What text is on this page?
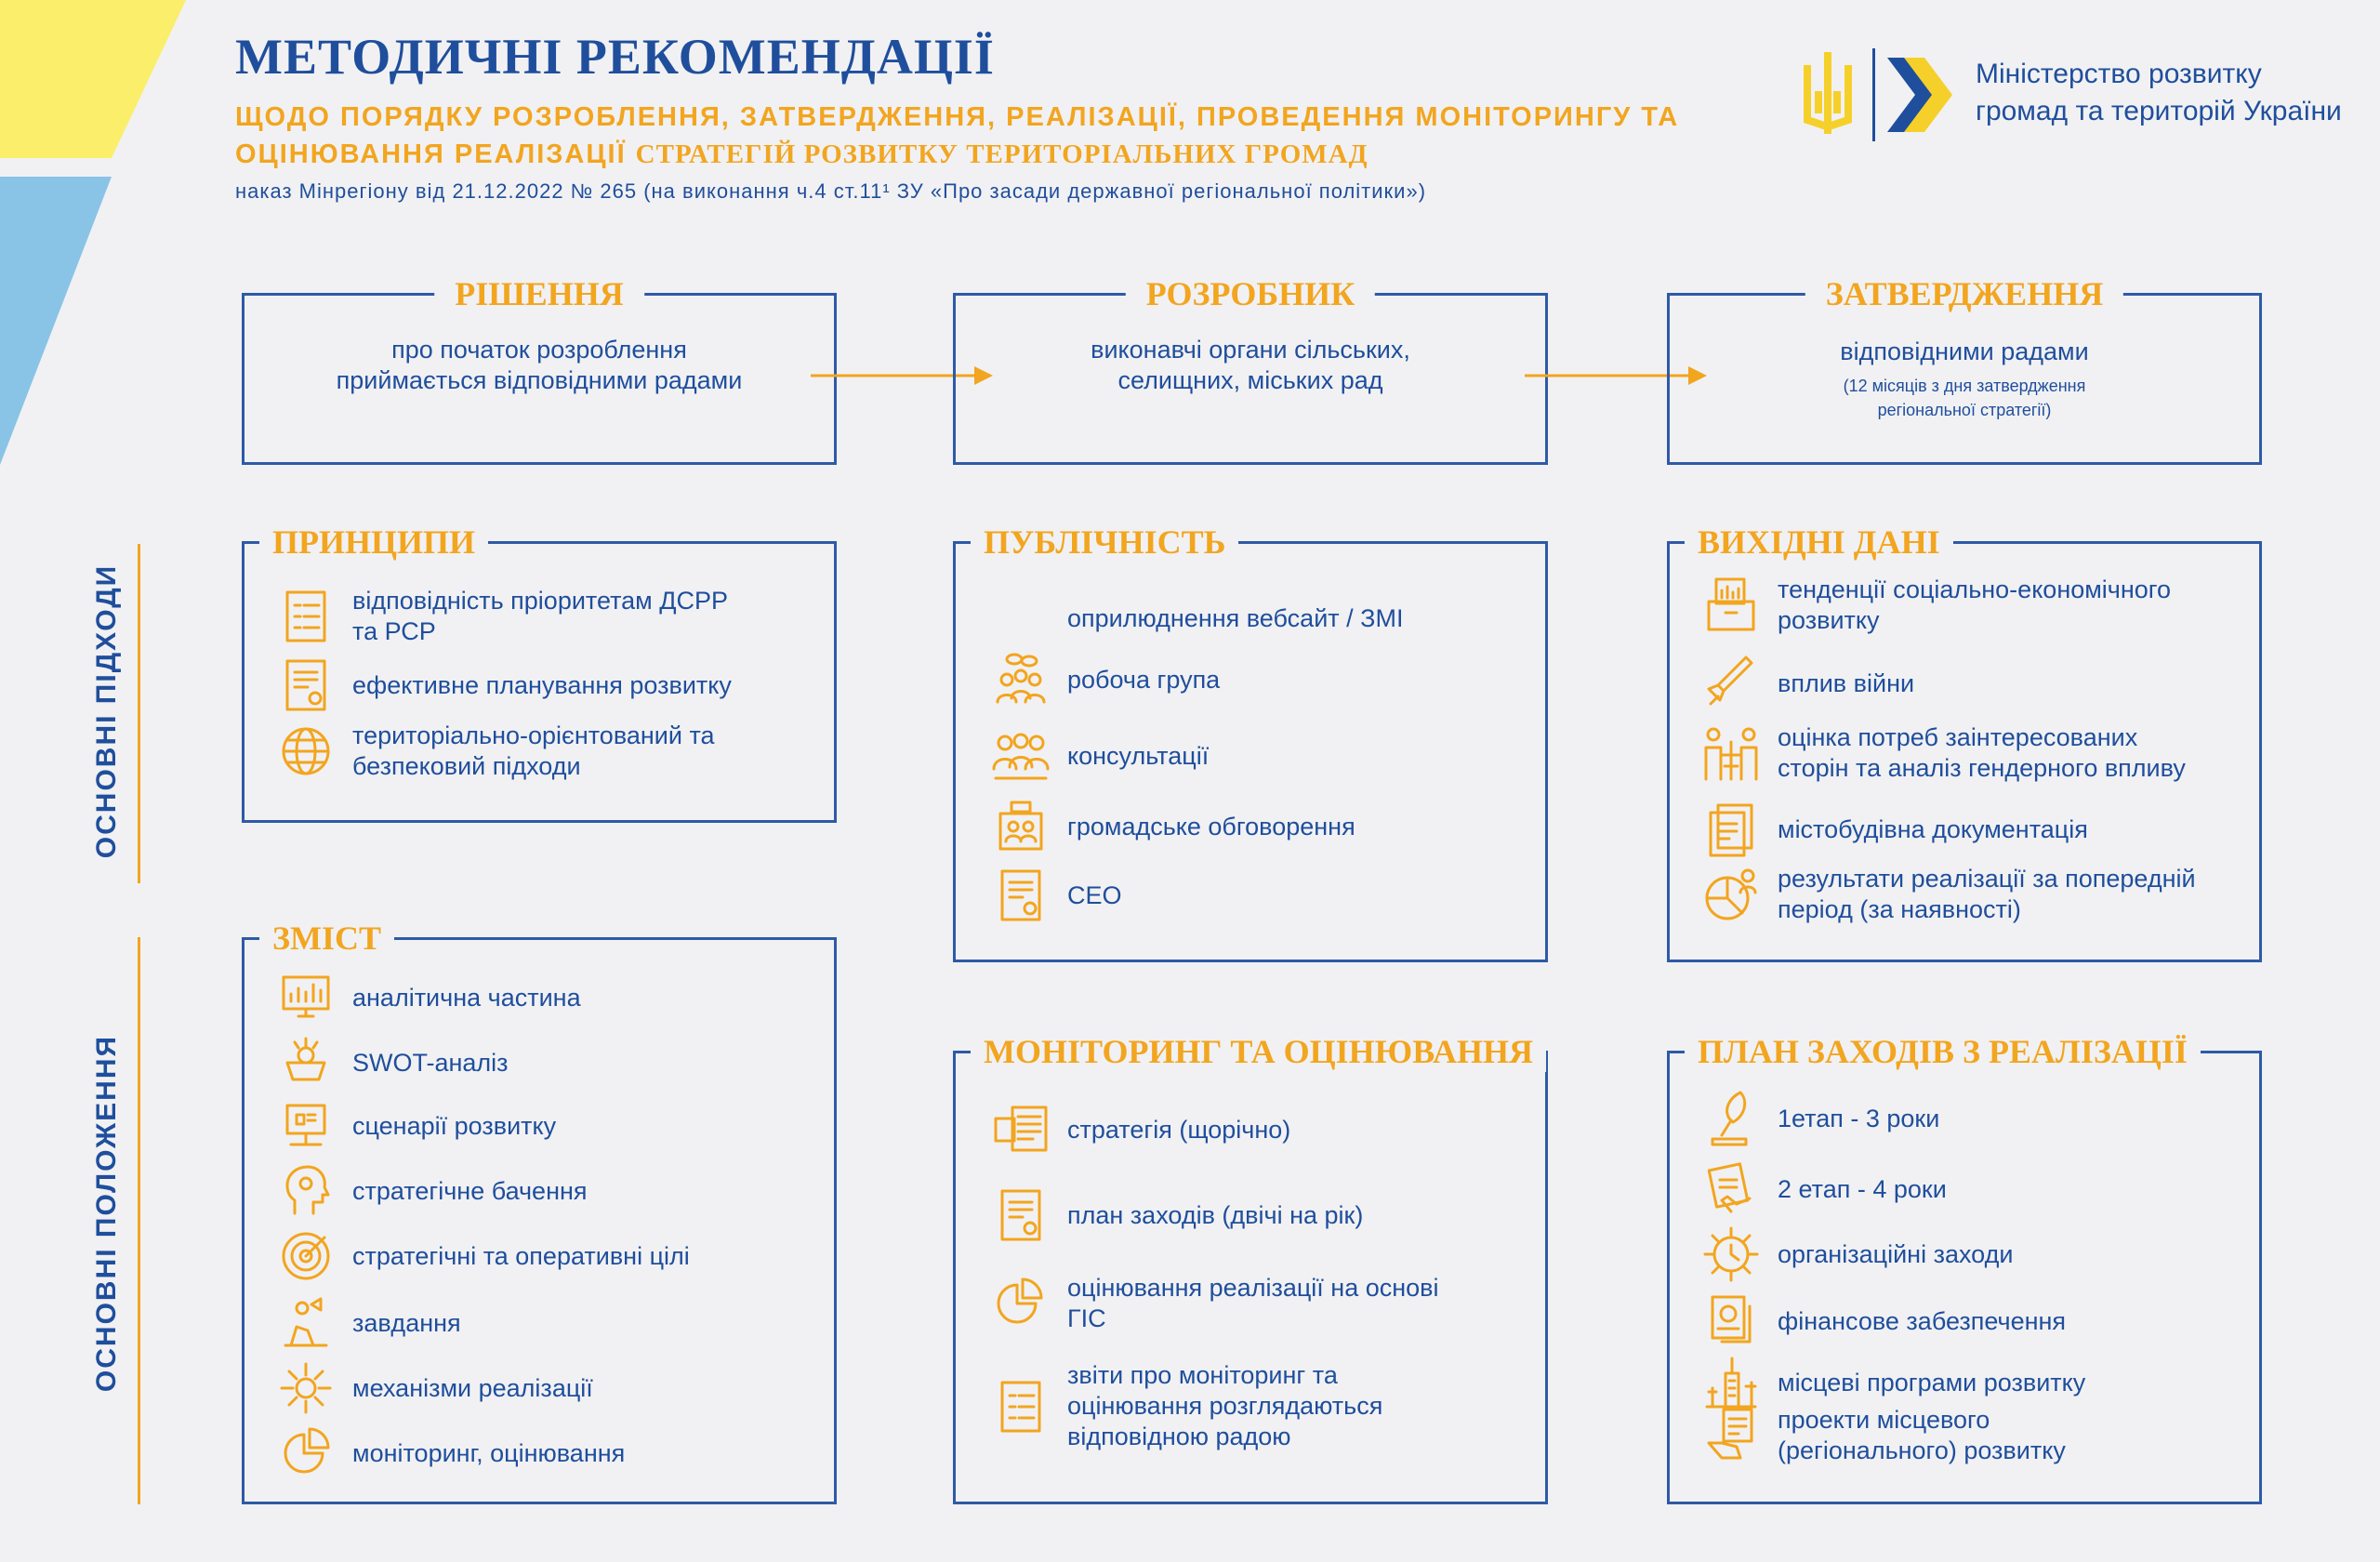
МЕТОДИЧНІ РЕКОМЕНДАЦІЇ
ЩОДО ПОРЯДКУ РОЗРОБЛЕННЯ, ЗАТВЕРДЖЕННЯ, РЕАЛІЗАЦІЇ, ПРОВЕДЕННЯ МОНІТОРИНГУ ТА
ОЦІНЮВАННЯ РЕАЛІЗАЦІЇ СТРАТЕГІЙ РОЗВИТКУ ТЕРИТОРІАЛЬНИХ ГРОМАД
наказ Мінрегіону від 21.12.2022 № 265 (на виконання ч.4 ст.11¹ ЗУ «Про засади державної регіональної політики»)
Міністерство розвитку
громад та територій України
ОСНОВНІ ПІДХОДИ
ОСНОВНІ ПОЛОЖЕННЯ
РІШЕННЯ
про початок розроблення
приймається відповідними радами
РОЗРОБНИК
виконавчі органи сільських,
селищних, міських рад
ЗАТВЕРДЖЕННЯ
відповідними радами
(12 місяців з дня затвердження
регіональної стратегії)
ПРИНЦИПИ
відповідність пріоритетам ДСРР
та РСР
ефективне планування розвитку
територіально-орієнтований та
безпековий підходи
ЗМІСТ
аналітична частина
SWOT-аналіз
сценарії розвитку
стратегічне бачення
стратегічні та оперативні цілі
завдання
механізми реалізації
моніторинг, оцінювання
ПУБЛІЧНІСТЬ
оприлюднення вебсайт / ЗМІ
робоча група
консультації
громадське обговорення
СЕО
МОНІТОРИНГ ТА ОЦІНЮВАННЯ
стратегія (щорічно)
план заходів (двічі на рік)
оцінювання реалізації на основі
ГІС
звіти про моніторинг та
оцінювання розглядаються
відповідною радою
ВИХІДНІ ДАНІ
тенденції соціально-економічного
розвитку
вплив війни
оцінка потреб заінтересованих
сторін та аналіз гендерного впливу
містобудівна документація
результати реалізації за попередній
період (за наявності)
ПЛАН ЗАХОДІВ З РЕАЛІЗАЦІЇ
1етап - 3 роки
2 етап - 4 роки
організаційні заходи
фінансове забезпечення
місцеві програми розвитку
проекти місцевого
(регіонального) розвитку
